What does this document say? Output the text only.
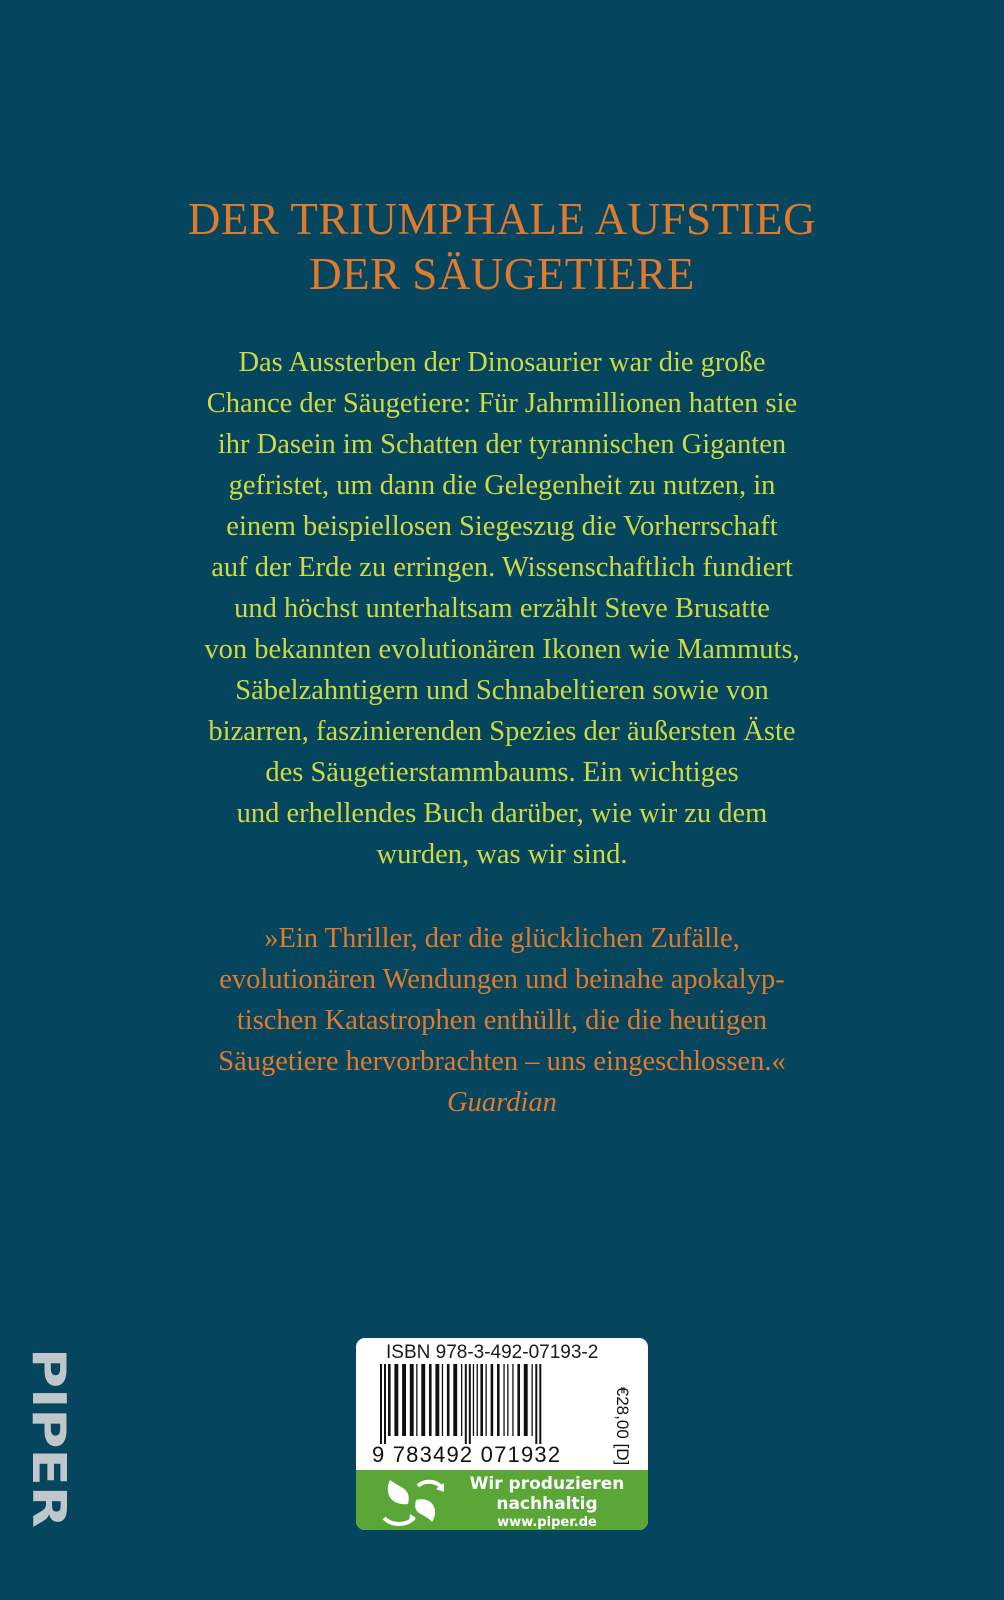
DER TRIUMPHALE AUFSTIEG
DER SÄUGETIERE
Das Aussterben der Dinosaurier war die große
Chance der Säugetiere: Für Jahrmillionen hatten sie
ihr Dasein im Schatten der tyrannischen Giganten
gefristet, um dann die Gelegenheit zu nutzen, in
einem beispiellosen Siegeszug die Vorherrschaft
auf der Erde zu erringen. Wissenschaftlich fundiert
und höchst unterhaltsam erzählt Steve Brusatte
von bekannten evolutionären Ikonen wie Mammuts,
Säbelzahntigern und Schnabeltieren sowie von
bizarren, faszinierenden Spezies der äußersten Äste
des Säugetierstammbaums. Ein wichtiges
und erhellendes Buch darüber, wie wir zu dem
wurden, was wir sind.
»Ein Thriller, der die glücklichen Zufälle,
evolutionären Wendungen und beinahe apokalyp-
tischen Katastrophen enthüllt, die die heutigen
Säugetiere hervorbrachten – uns eingeschlossen.«
Guardian
PIPER	ISBN 978-3-492-07193-2
9 783492 071932	€28,00 [D]
Wir produzieren
nachhaltig
www.piper.de
